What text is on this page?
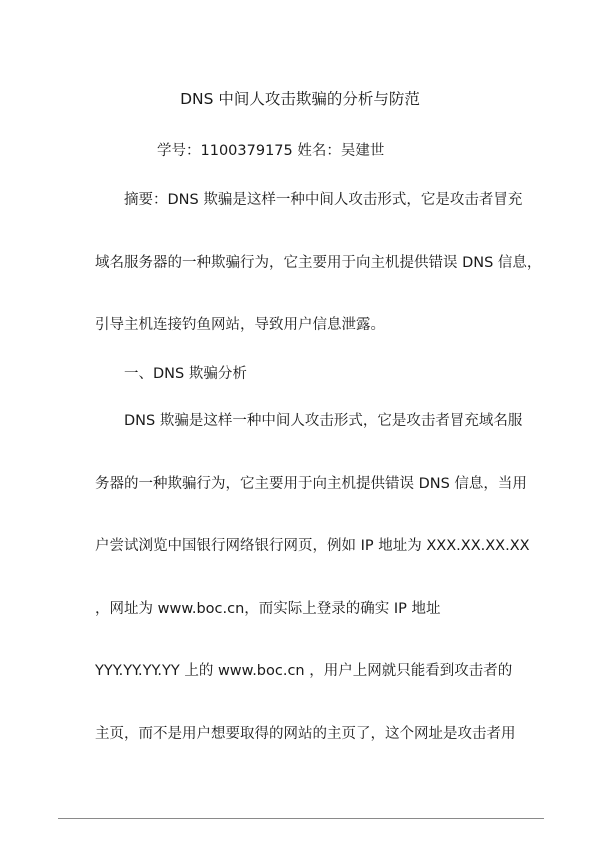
DNS 中间人攻击欺骗的分析与防范
学号：1100379175 姓名：吴建世
摘要：DNS 欺骗是这样一种中间人攻击形式，它是攻击者冒充
域名服务器的一种欺骗行为，它主要用于向主机提供错误 DNS 信息，
引导主机连接钓鱼网站，导致用户信息泄露。
一、DNS 欺骗分析
DNS 欺骗是这样一种中间人攻击形式，它是攻击者冒充域名服
务器的一种欺骗行为，它主要用于向主机提供错误 DNS 信息，当用
户尝试浏览中国银行网络银行网页，例如 IP 地址为 XXX.XX.XX.XX
，网址为 www.boc.cn，而实际上登录的确实 IP 地址
YYY.YY.YY.YY 上的 www.boc.cn ，用户上网就只能看到攻击者的
主页，而不是用户想要取得的网站的主页了，这个网址是攻击者用
